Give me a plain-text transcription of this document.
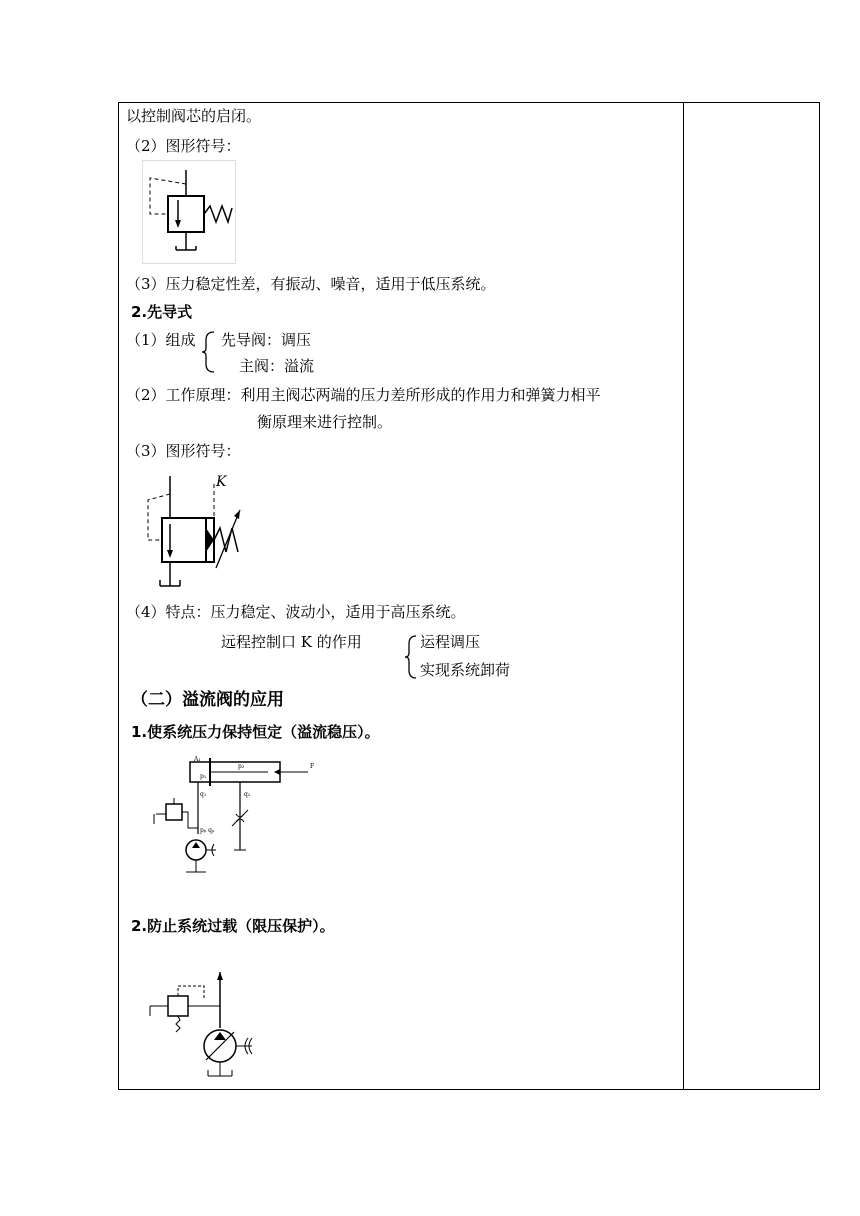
以控制阀芯的启闭。
（2）图形符号：
（3）压力稳定性差，有振动、噪音，适用于低压系统。
2.先导式
（1）组成 先导阀：调压
主阀：溢流
（2）工作原理：利用主阀芯两端的压力差所形成的作用力和弹簧力相平
衡原理来进行控制。
（3）图形符号：
K
（4）特点：压力稳定、波动小，适用于高压系统。
远程控制口 K 的作用	运程调压
实现系统卸荷
（二）溢流阀的应用
1.使系统压力保持恒定（溢流稳压）。
A₁
p₁
p₂	F
q₁	q₂
pₚ qₚ
2.防止系统过载（限压保护）。
